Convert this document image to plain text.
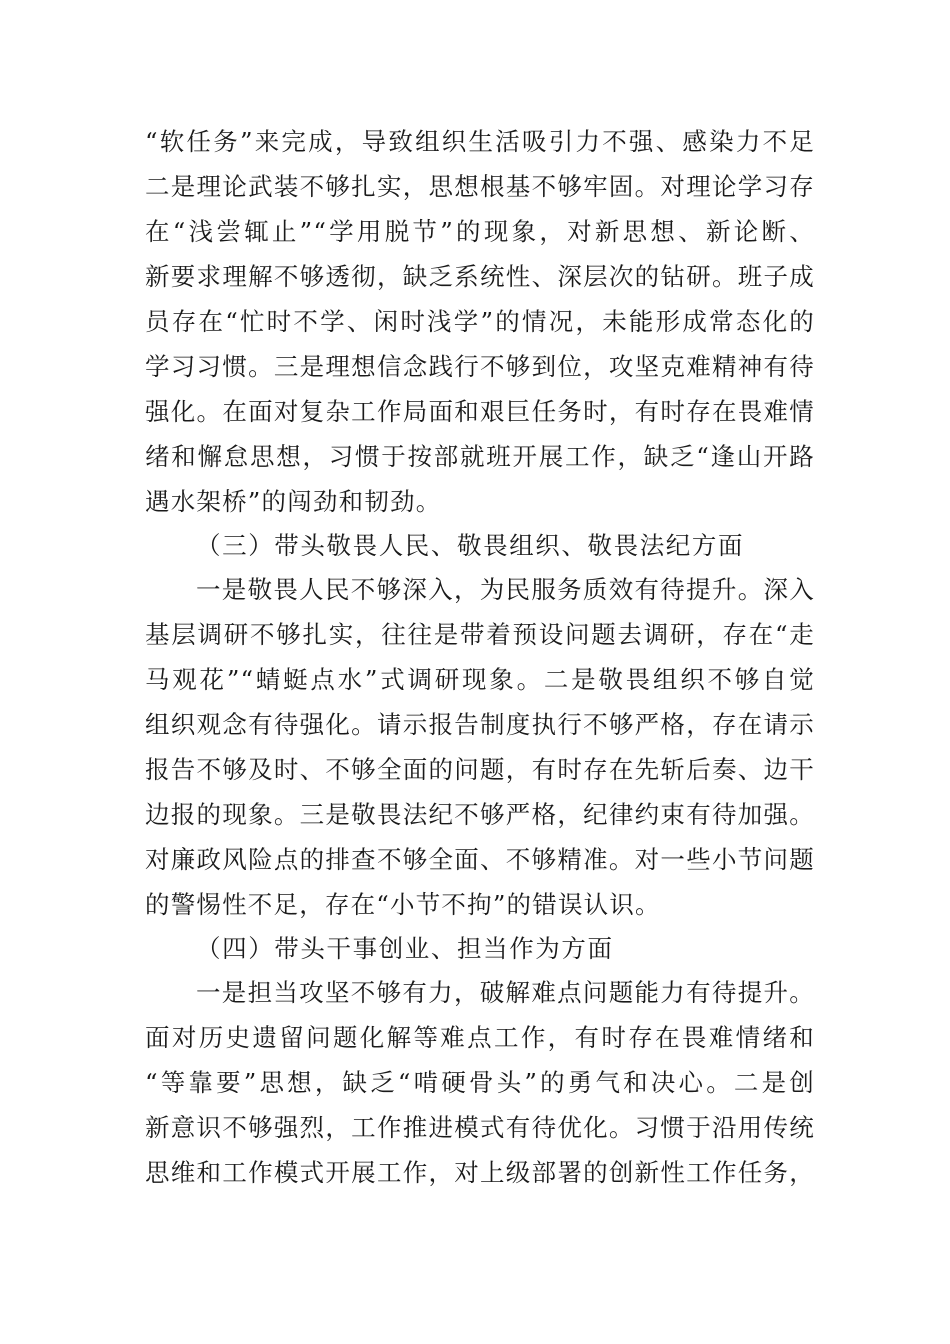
“软任务”来完成，导致组织生活吸引力不强、感染力不足
二是理论武装不够扎实，思想根基不够牢固。对理论学习存
在“浅尝辄止”“学用脱节”的现象，对新思想、新论断、
新要求理解不够透彻，缺乏系统性、深层次的钻研。班子成
员存在“忙时不学、闲时浅学”的情况，未能形成常态化的
学习习惯。三是理想信念践行不够到位，攻坚克难精神有待
强化。在面对复杂工作局面和艰巨任务时，有时存在畏难情
绪和懈怠思想，习惯于按部就班开展工作，缺乏“逢山开路
遇水架桥”的闯劲和韧劲。
（三）带头敬畏人民、敬畏组织、敬畏法纪方面
一是敬畏人民不够深入，为民服务质效有待提升。深入
基层调研不够扎实，往往是带着预设问题去调研，存在“走
马观花”“蜻蜓点水”式调研现象。二是敬畏组织不够自觉
组织观念有待强化。请示报告制度执行不够严格，存在请示
报告不够及时、不够全面的问题，有时存在先斩后奏、边干
边报的现象。三是敬畏法纪不够严格，纪律约束有待加强。
对廉政风险点的排查不够全面、不够精准。对一些小节问题
的警惕性不足，存在“小节不拘”的错误认识。
（四）带头干事创业、担当作为方面
一是担当攻坚不够有力，破解难点问题能力有待提升。
面对历史遗留问题化解等难点工作，有时存在畏难情绪和
“等靠要”思想，缺乏“啃硬骨头”的勇气和决心。二是创
新意识不够强烈，工作推进模式有待优化。习惯于沿用传统
思维和工作模式开展工作，对上级部署的创新性工作任务，
